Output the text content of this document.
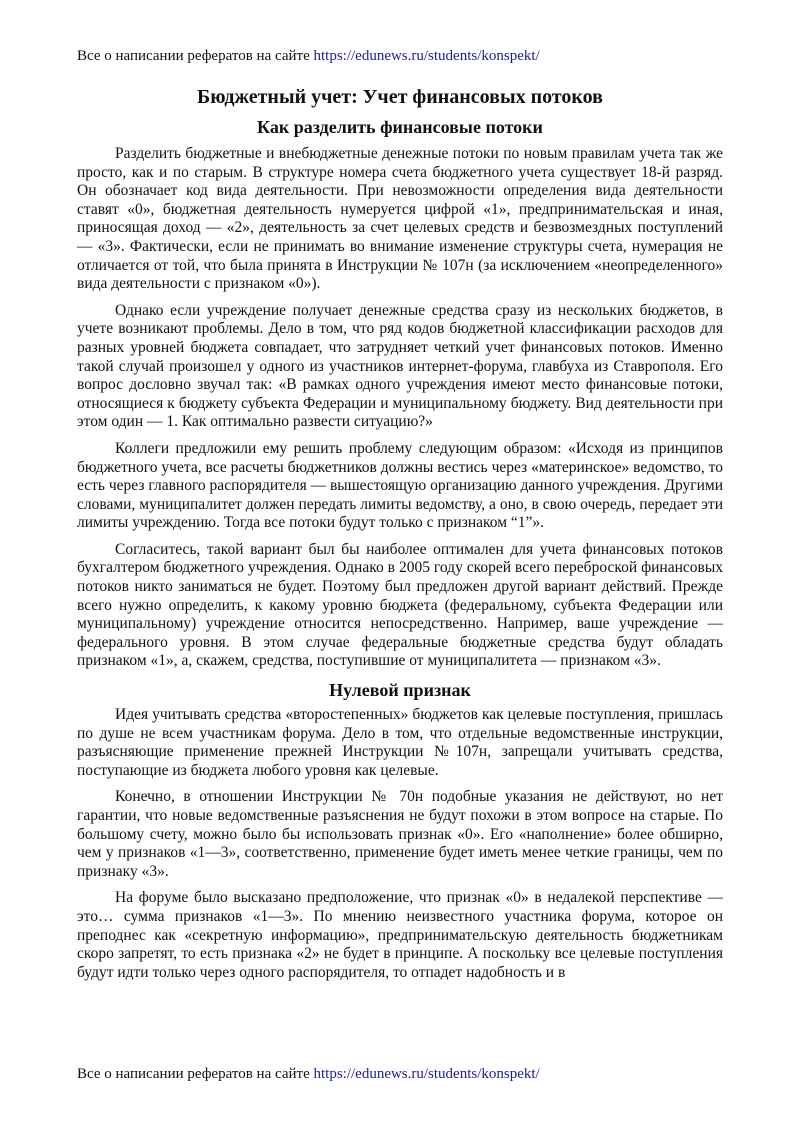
Все о написании рефератов на сайте https://edunews.ru/students/konspekt/
Бюджетный учет: Учет финансовых потоков
Как разделить финансовые потоки

Разделить бюджетные и внебюджетные денежные потоки по новым правилам учета так же просто, как и по старым. В структуре номера счета бюджетного учета существует 18-й разряд. Он обозначает код вида деятельности. При невозможности определения вида деятельности ставят «0», бюджетная деятельность нумеруется цифрой «1», предпринимательская и иная, приносящая доход — «2», деятельность за счет целевых средств и безвозмездных поступлений — «3». Фактически, если не принимать во внимание изменение структуры счета, нумерация не отличается от той, что была принята в Инструкции № 107н (за исключением «неопределенного» вида деятельности с признаком «0»).

Однако если учреждение получает денежные средства сразу из нескольких бюджетов, в учете возникают проблемы. Дело в том, что ряд кодов бюджетной классификации расходов для разных уровней бюджета совпадает, что затрудняет четкий учет финансовых потоков. Именно такой случай произошел у одного из участников интернет-форума, главбуха из Ставрополя. Его вопрос дословно звучал так: «В рамках одного учреждения имеют место финансовые потоки, относящиеся к бюджету субъекта Федерации и муниципальному бюджету. Вид деятельности при этом один — 1. Как оптимально развести ситуацию?»

Коллеги предложили ему решить проблему следующим образом: «Исходя из принципов бюджетного учета, все расчеты бюджетников должны вестись через «материнское» ведомство, то есть через главного распорядителя — вышестоящую организацию данного учреждения. Другими словами, муниципалитет должен передать лимиты ведомству, а оно, в свою очередь, передает эти лимиты учреждению. Тогда все потоки будут только с признаком “1”».

Согласитесь, такой вариант был бы наиболее оптимален для учета финансовых потоков бухгалтером бюджетного учреждения. Однако в 2005 году скорей всего переброской финансовых потоков никто заниматься не будет. Поэтому был предложен другой вариант действий. Прежде всего нужно определить, к какому уровню бюджета (федеральному, субъекта Федерации или муниципальному) учреждение относится непосредственно. Например, ваше учреждение — федерального уровня. В этом случае федеральные бюджетные средства будут обладать признаком «1», а, скажем, средства, поступившие от муниципалитета — признаком «3».

Нулевой признак

Идея учитывать средства «второстепенных» бюджетов как целевые поступления, пришлась по душе не всем участникам форума. Дело в том, что отдельные ведомственные инструкции, разъясняющие применение прежней Инструкции №107н, запрещали учитывать средства, поступающие из бюджета любого уровня как целевые.

Конечно, в отношении Инструкции № 70н подобные указания не действуют, но нет гарантии, что новые ведомственные разъяснения не будут похожи в этом вопросе на старые. По большому счету, можно было бы использовать признак «0». Его «наполнение» более обширно, чем у признаков «1—3», соответственно, применение будет иметь менее четкие границы, чем по признаку «3».

На форуме было высказано предположение, что признак «0» в недалекой перспективе — это… сумма признаков «1—3». По мнению неизвестного участника форума, которое он преподнес как «секретную информацию», предпринимательскую деятельность бюджетникам скоро запретят, то есть признака «2» не будет в принципе. А поскольку все целевые поступления будут идти только через одного распорядителя, то отпадет надобность и в

Все о написании рефератов на сайте https://edunews.ru/students/konspekt/
